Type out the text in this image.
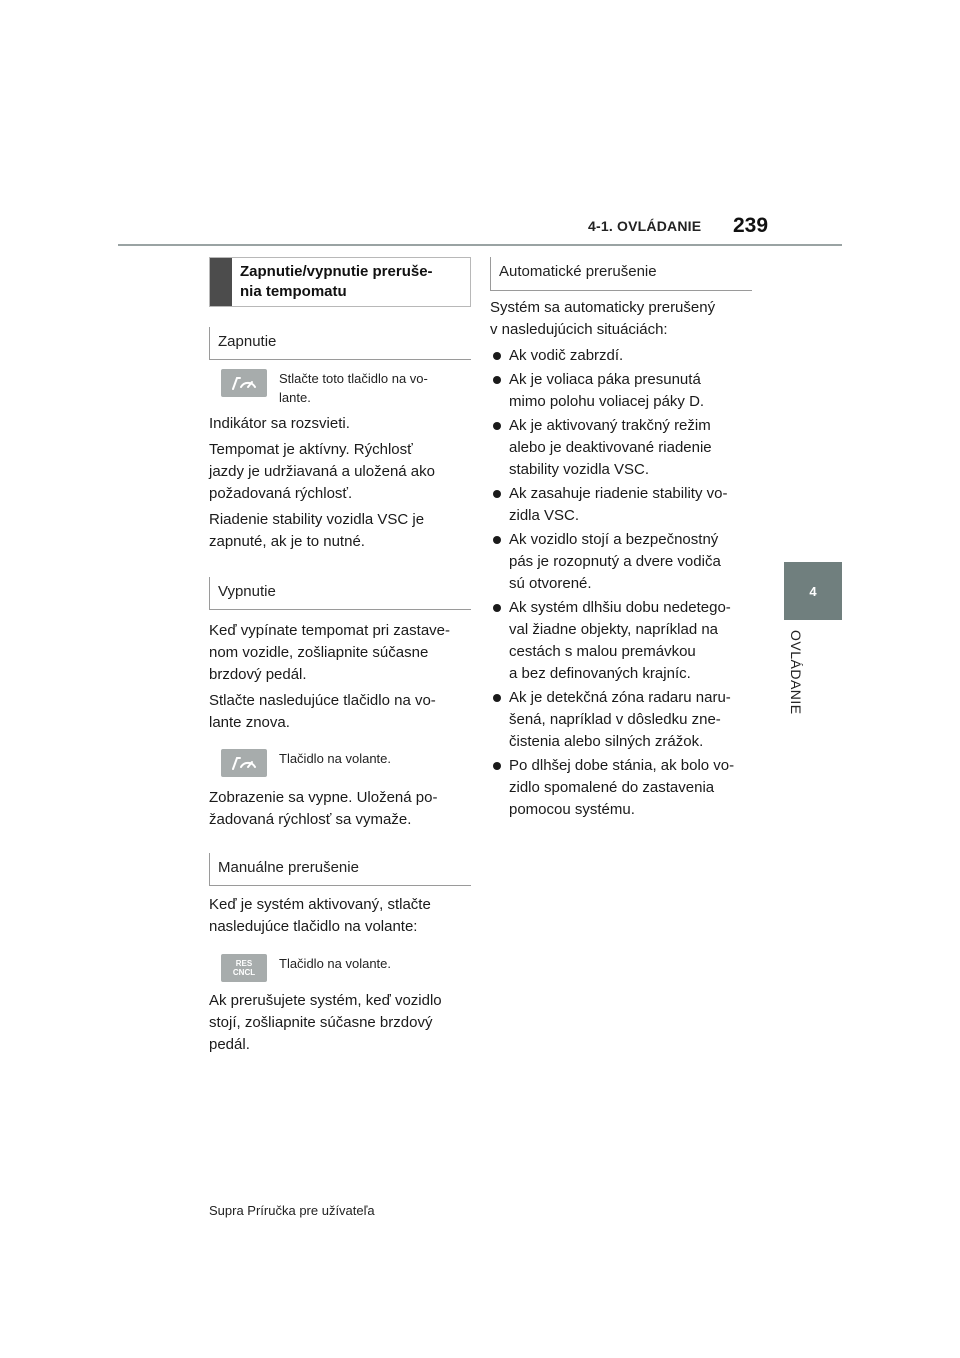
4-1. OVLÁDANIE 239
4
OVLÁDANIE
Zapnutie/vypnutie preruše-
nia tempomatu
Zapnutie
Stlačte toto tlačidlo na vo-
lante.

Indikátor sa rozsvieti.

Tempomat je aktívny. Rýchlosť
jazdy je udržiavaná a uložená ako
požadovaná rýchlosť.

Riadenie stability vozidla VSC je
zapnuté, ak je to nutné.

Vypnutie

Keď vypínate tempomat pri zastave-
nom vozidle, zošliapnite súčasne
brzdový pedál.

Stlačte nasledujúce tlačidlo na vo-
lante znova.

Tlačidlo na volante.

Zobrazenie sa vypne. Uložená po-
žadovaná rýchlosť sa vymaže.

Manuálne prerušenie

Keď je systém aktivovaný, stlačte
nasledujúce tlačidlo na volante:

RES
CNCL
Tlačidlo na volante.

Ak prerušujete systém, keď vozidlo
stojí, zošliapnite súčasne brzdový
pedál.

Automatické prerušenie

Systém sa automaticky prerušený
v nasledujúcich situáciách:

Ak vodič zabrzdí.
Ak je voliaca páka presunutá
mimo polohu voliacej páky D.
Ak je aktivovaný trakčný režim
alebo je deaktivované riadenie
stability vozidla VSC.
Ak zasahuje riadenie stability vo-
zidla VSC.
Ak vozidlo stojí a bezpečnostný
pás je rozopnutý a dvere vodiča
sú otvorené.
Ak systém dlhšiu dobu nedetego-
val žiadne objekty, napríklad na
cestách s malou premávkou
a bez definovaných krajníc.
Ak je detekčná zóna radaru naru-
šená, napríklad v dôsledku zne-
čistenia alebo silných zrážok.
Po dlhšej dobe stánia, ak bolo vo-
zidlo spomalené do zastavenia
pomocou systému.
Supra Príručka pre užívateľa
